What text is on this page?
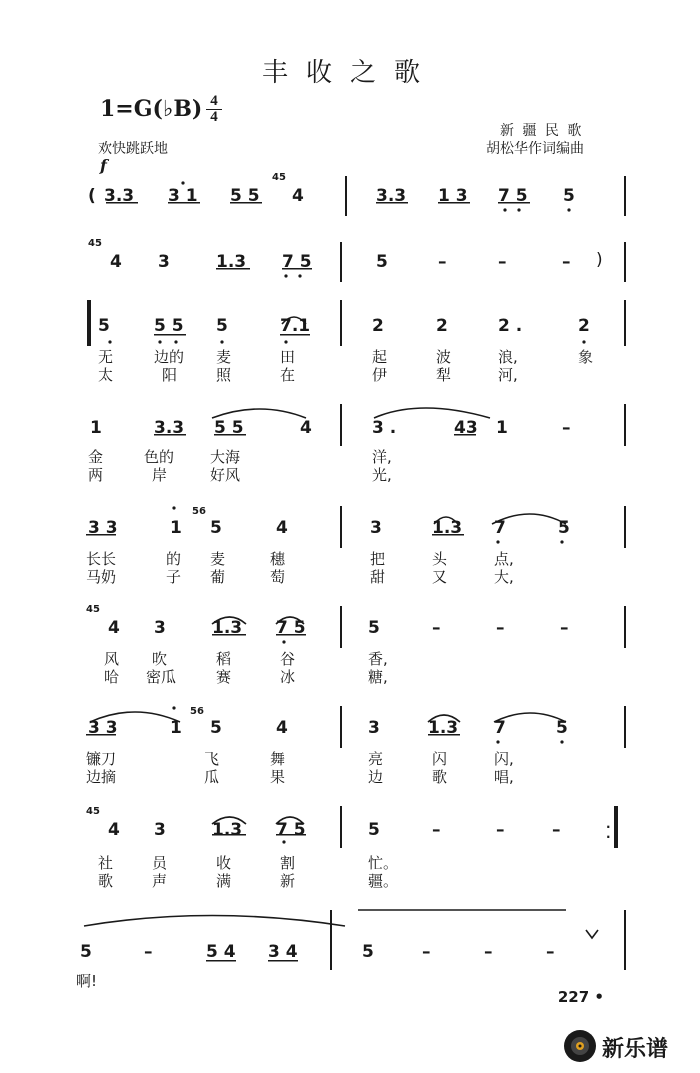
丰收之歌
1=G(♭B) $\frac{4}{4}$
欢快跳跃地
f
新 疆 民 歌
胡松华作词编曲
( 3.3 3 1 5 5
45
4	3.3 1 3 7 5 5
45
4 3	1.3 7 5	5	–	–	– )
5	5 5 5	7.1	2	2	2 .	2
无	边的 麦	田	起	波	浪,	象
太	阳	照	在	伊	犁	河,
1	3.3 5 5	4	3 .	43 1	–
金	色的 大海	洋,
两	岸	好风	光,
3 3	1
56
5	4	3	1.3 7	5
长长	的 麦	穗	把	头	点,
马奶	子 葡	萄	甜	又	大,
45
4 3	1.3 7 5	5	–	–	–
风 吹	稻	谷	香,
哈 密瓜	赛	冰	糖,
3 3	1
56
5	4	3	1.3 7	5
镰刀	飞	舞	亮	闪	闪,
边摘	瓜	果	边	歌	唱,
45
4 3	1.3 7 5	5	–	–	–
社	员	收	割	忙。
歌	声	满	新	疆。
·
·
5	–	5 4 3 4	5	–	–	–
啊!
227 •
新乐谱
